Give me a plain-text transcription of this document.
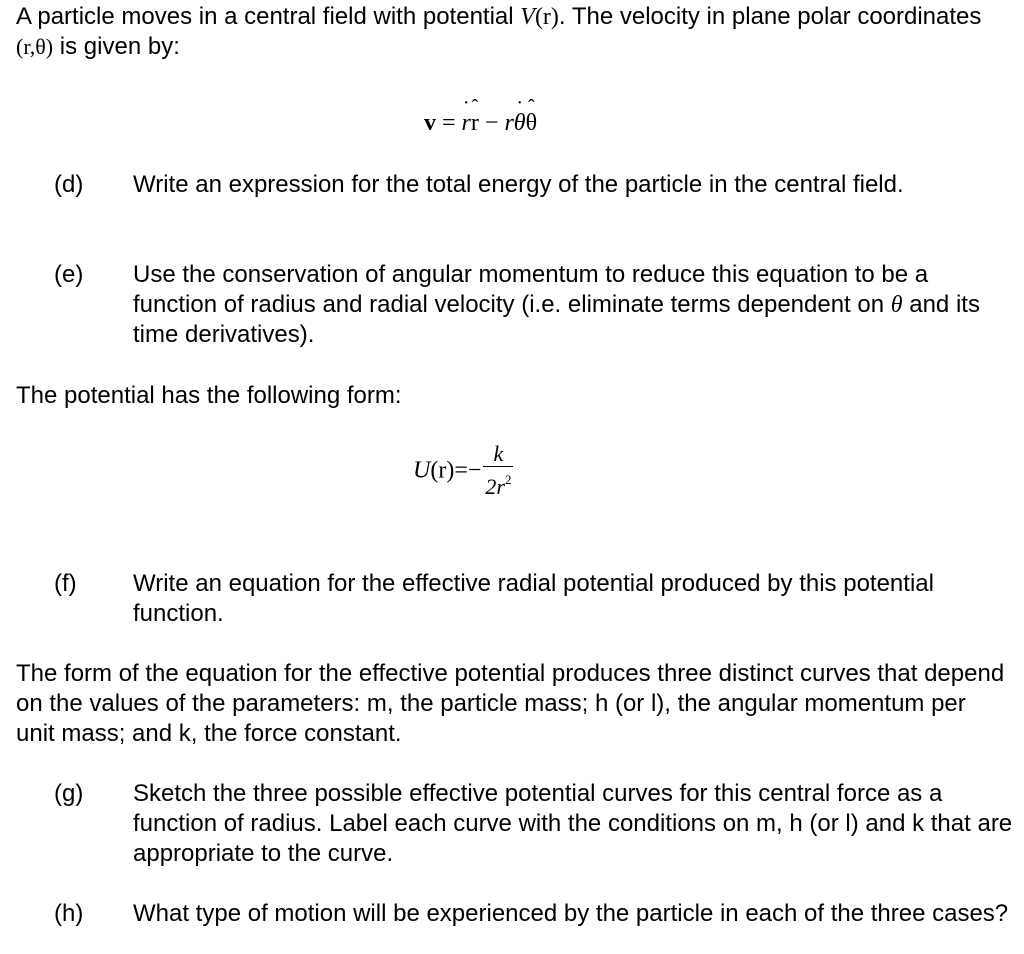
A particle moves in a central field with potential V(r). The velocity in plane polar coordinates (r,θ) is given by:
v = r ˙r ˆ − rθ ˙θ ˆ
(d)	Write an expression for the total energy of the particle in the central field.
(e)	Use the conservation of angular momentum to reduce this equation to be a function of radius and radial velocity (i.e. eliminate terms dependent on θ and its time derivatives).
The potential has the following form:
$U(r)=- \frac{k}{2r^2}$
(f)	Write an equation for the effective radial potential produced by this potential function.
The form of the equation for the effective potential produces three distinct curves that depend on the values of the parameters: m, the particle mass; h (or l), the angular momentum per unit mass; and k, the force constant.
(g)	Sketch the three possible effective potential curves for this central force as a function of radius. Label each curve with the conditions on m, h (or l) and k that are appropriate to the curve.
(h)	What type of motion will be experienced by the particle in each of the three cases?
